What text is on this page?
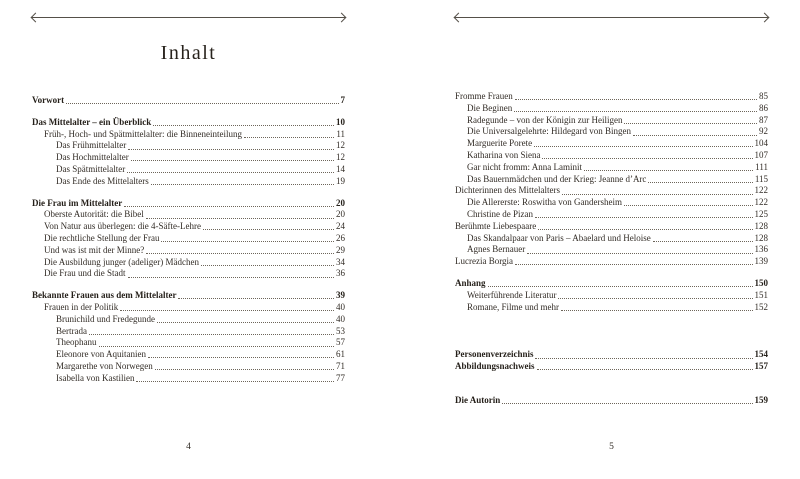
Inhalt
Vorwort	7
Das Mittelalter – ein Überblick	10
Früh-, Hoch- und Spätmittelalter: die Binneneinteilung	11
Das Frühmittelalter	12
Das Hochmittelalter	12
Das Spätmittelalter	14
Das Ende des Mittelalters	19
Die Frau im Mittelalter	20
Oberste Autorität: die Bibel	20
Von Natur aus überlegen: die 4-Säfte-Lehre	24
Die rechtliche Stellung der Frau	26
Und was ist mit der Minne?	29
Die Ausbildung junger (adeliger) Mädchen	34
Die Frau und die Stadt	36
Bekannte Frauen aus dem Mittelalter	39
Frauen in der Politik	40
Brunichild und Fredegunde	40
Bertrada	53
Theophanu	57
Eleonore von Aquitanien	61
Margarethe von Norwegen	71
Isabella von Kastilien	77
4
Fromme Frauen	85
Die Beginen	86
Radegunde – von der Königin zur Heiligen	87
Die Universalgelehrte: Hildegard von Bingen	92
Marguerite Porete	104
Katharina von Siena	107
Gar nicht fromm: Anna Laminit	111
Das Bauernmädchen und der Krieg: Jeanne d’Arc	115
Dichterinnen des Mittelalters	122
Die Allererste: Roswitha von Gandersheim	122
Christine de Pizan	125
Berühmte Liebespaare	128
Das Skandalpaar von Paris – Abaelard und Heloise	128
Agnes Bernauer	136
Lucrezia Borgia	139
Anhang	150
Weiterführende Literatur	151
Romane, Filme und mehr	152
Personenverzeichnis	154
Abbildungsnachweis	157
Die Autorin	159
5
